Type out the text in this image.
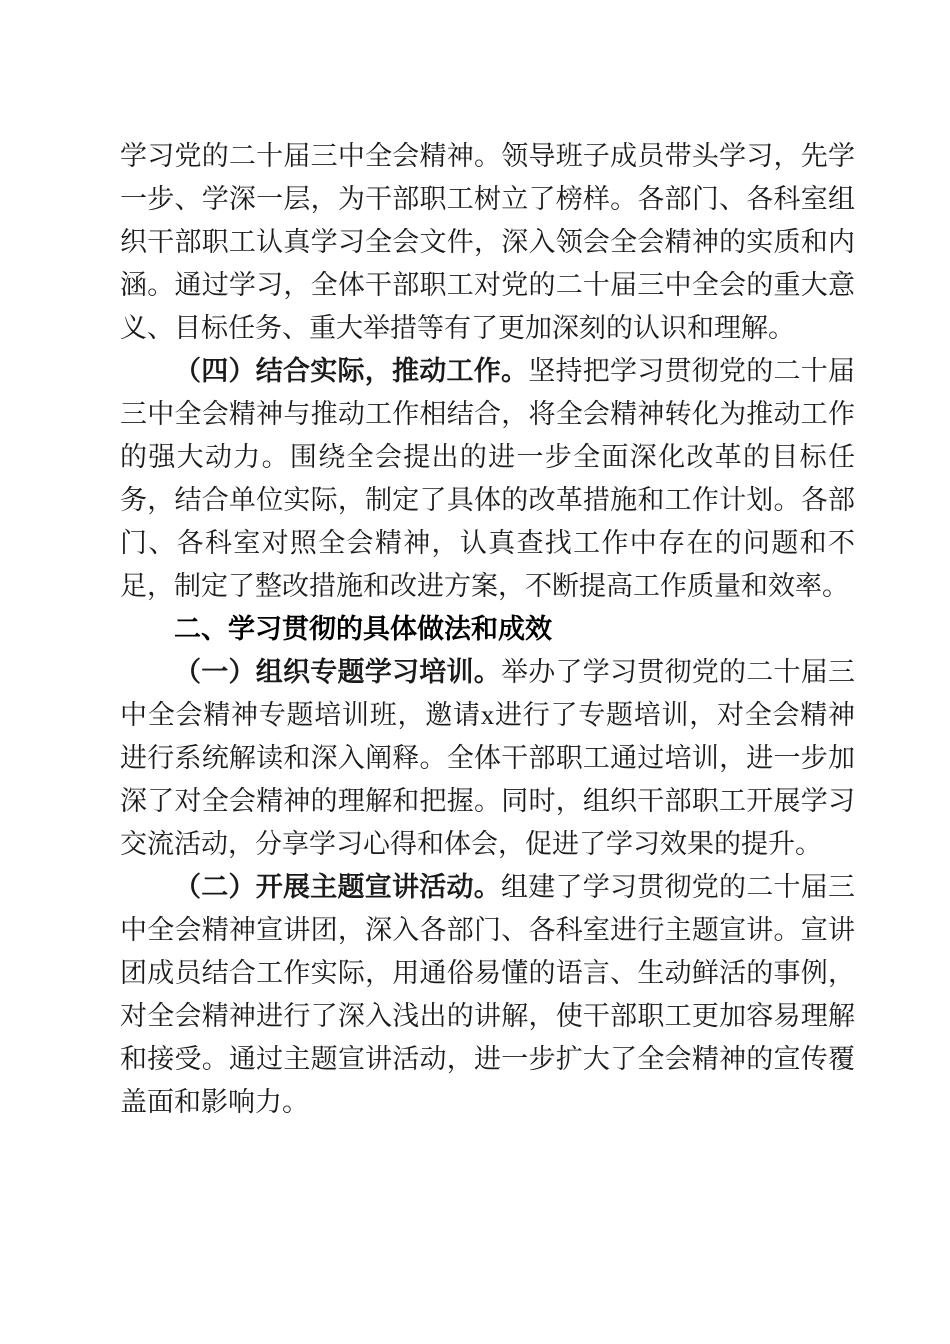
学习党的二十届三中全会精神。领导班子成员带头学习，先学一步、学深一层，为干部职工树立了榜样。各部门、各科室组织干部职工认真学习全会文件，深入领会全会精神的实质和内涵。通过学习，全体干部职工对党的二十届三中全会的重大意义、目标任务、重大举措等有了更加深刻的认识和理解。

（四）结合实际，推动工作。坚持把学习贯彻党的二十届三中全会精神与推动工作相结合，将全会精神转化为推动工作的强大动力。围绕全会提出的进一步全面深化改革的目标任务，结合单位实际，制定了具体的改革措施和工作计划。各部门、各科室对照全会精神，认真查找工作中存在的问题和不足，制定了整改措施和改进方案，不断提高工作质量和效率。

二、学习贯彻的具体做法和成效

（一）组织专题学习培训。举办了学习贯彻党的二十届三中全会精神专题培训班，邀请x进行了专题培训，对全会精神进行系统解读和深入阐释。全体干部职工通过培训，进一步加深了对全会精神的理解和把握。同时，组织干部职工开展学习交流活动，分享学习心得和体会，促进了学习效果的提升。

（二）开展主题宣讲活动。组建了学习贯彻党的二十届三中全会精神宣讲团，深入各部门、各科室进行主题宣讲。宣讲团成员结合工作实际，用通俗易懂的语言、生动鲜活的事例，对全会精神进行了深入浅出的讲解，使干部职工更加容易理解和接受。通过主题宣讲活动，进一步扩大了全会精神的宣传覆盖面和影响力。
